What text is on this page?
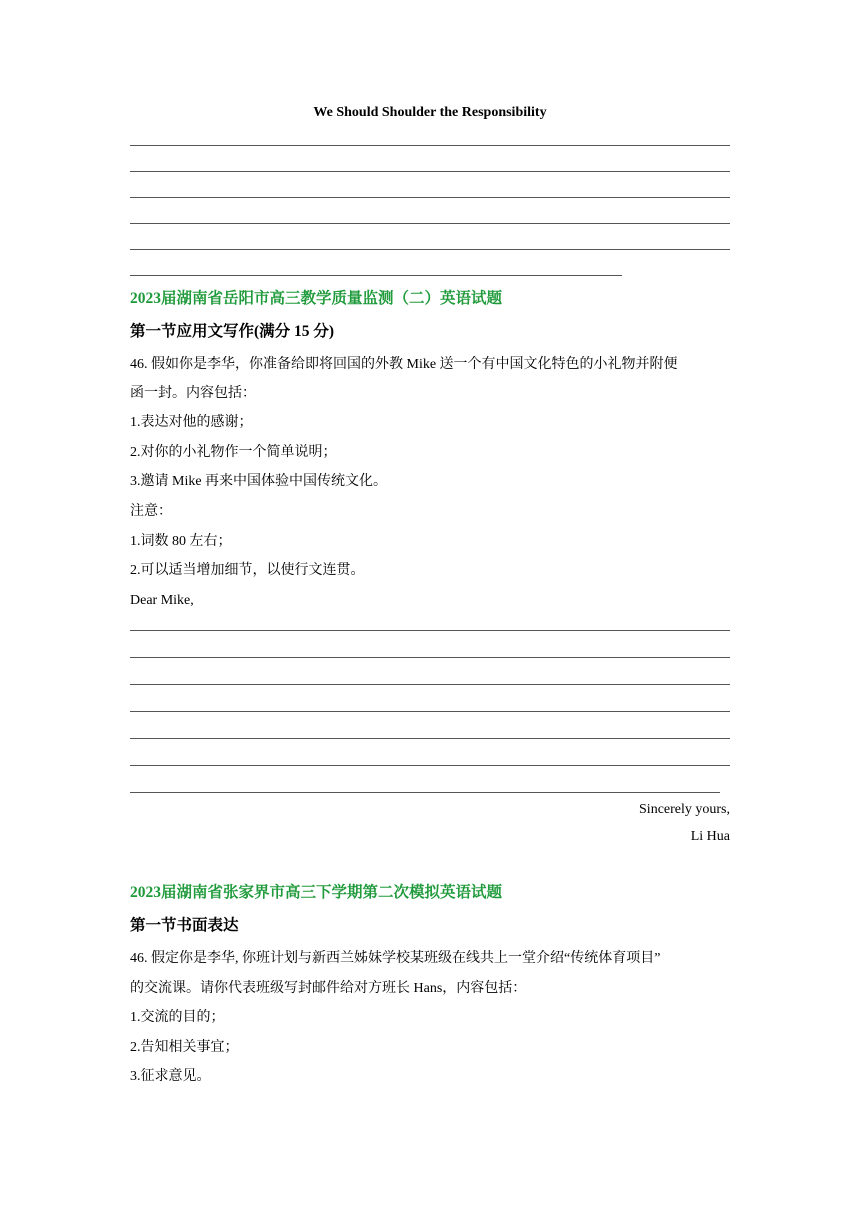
We Should Shoulder the Responsibility
2023届湖南省岳阳市高三教学质量监测（二）英语试题
第一节应用文写作(满分 15 分)
46. 假如你是李华，你准备给即将回国的外教 Mike 送一个有中国文化特色的小礼物并附便
函一封。内容包括：
1.表达对他的感谢；
2.对你的小礼物作一个简单说明；
3.邀请 Mike 再来中国体验中国传统文化。
注意：
1.词数 80 左右；
2.可以适当增加细节，以使行文连贯。
Dear Mike,
Sincerely yours,
Li Hua
2023届湖南省张家界市高三下学期第二次模拟英语试题
第一节书面表达
46. 假定你是李华, 你班计划与新西兰姊妹学校某班级在线共上一堂介绍“传统体育项目”
的交流课。请你代表班级写封邮件给对方班长 Hans，内容包括：
1.交流的目的；
2.告知相关事宜；
3.征求意见。
